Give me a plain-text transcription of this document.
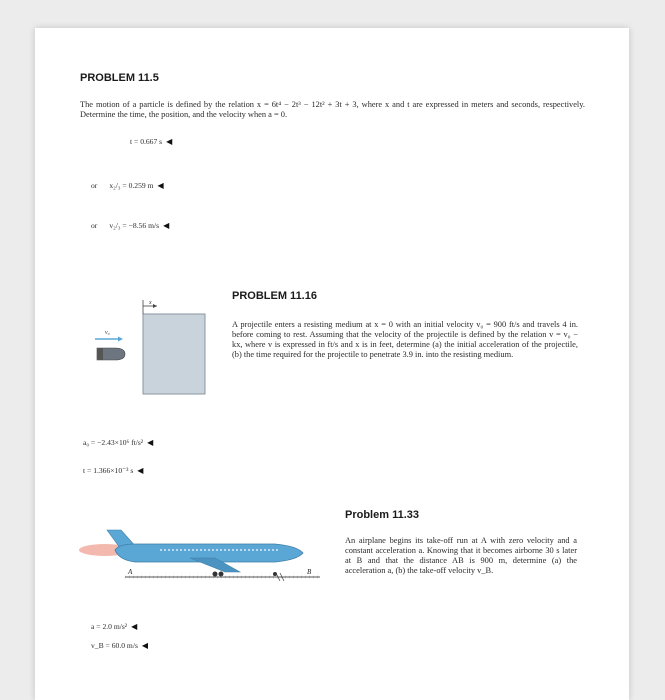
PROBLEM 11.5
The motion of a particle is defined by the relation x = 6t⁴ − 2t³ − 12t² + 3t + 3, where x and t are expressed in meters and seconds, respectively. Determine the time, the position, and the velocity when a = 0.
t = 0.667 s ◀
or x₂/₃ = 0.259 m ◀
or v₂/₃ = −8.56 m/s ◀
x
v₀
PROBLEM 11.16
A projectile enters a resisting medium at x = 0 with an initial velocity v₀ = 900 ft/s and travels 4 in. before coming to rest. Assuming that the velocity of the projectile is defined by the relation v = v₀ − kx, where v is expressed in ft/s and x is in feet, determine (a) the initial acceleration of the projectile, (b) the time required for the projectile to penetrate 3.9 in. into the resisting medium.
a₀ = −2.43×10⁶ ft/s² ◀
t = 1.366×10⁻³ s ◀
A	B
Problem 11.33
An airplane begins its take-off run at A with zero velocity and a constant acceleration a. Knowing that it becomes airborne 30 s later at B and that the distance AB is 900 m, determine (a) the acceleration a, (b) the take-off velocity v_B.
a = 2.0 m/s² ◀
v_B = 60.0 m/s ◀
